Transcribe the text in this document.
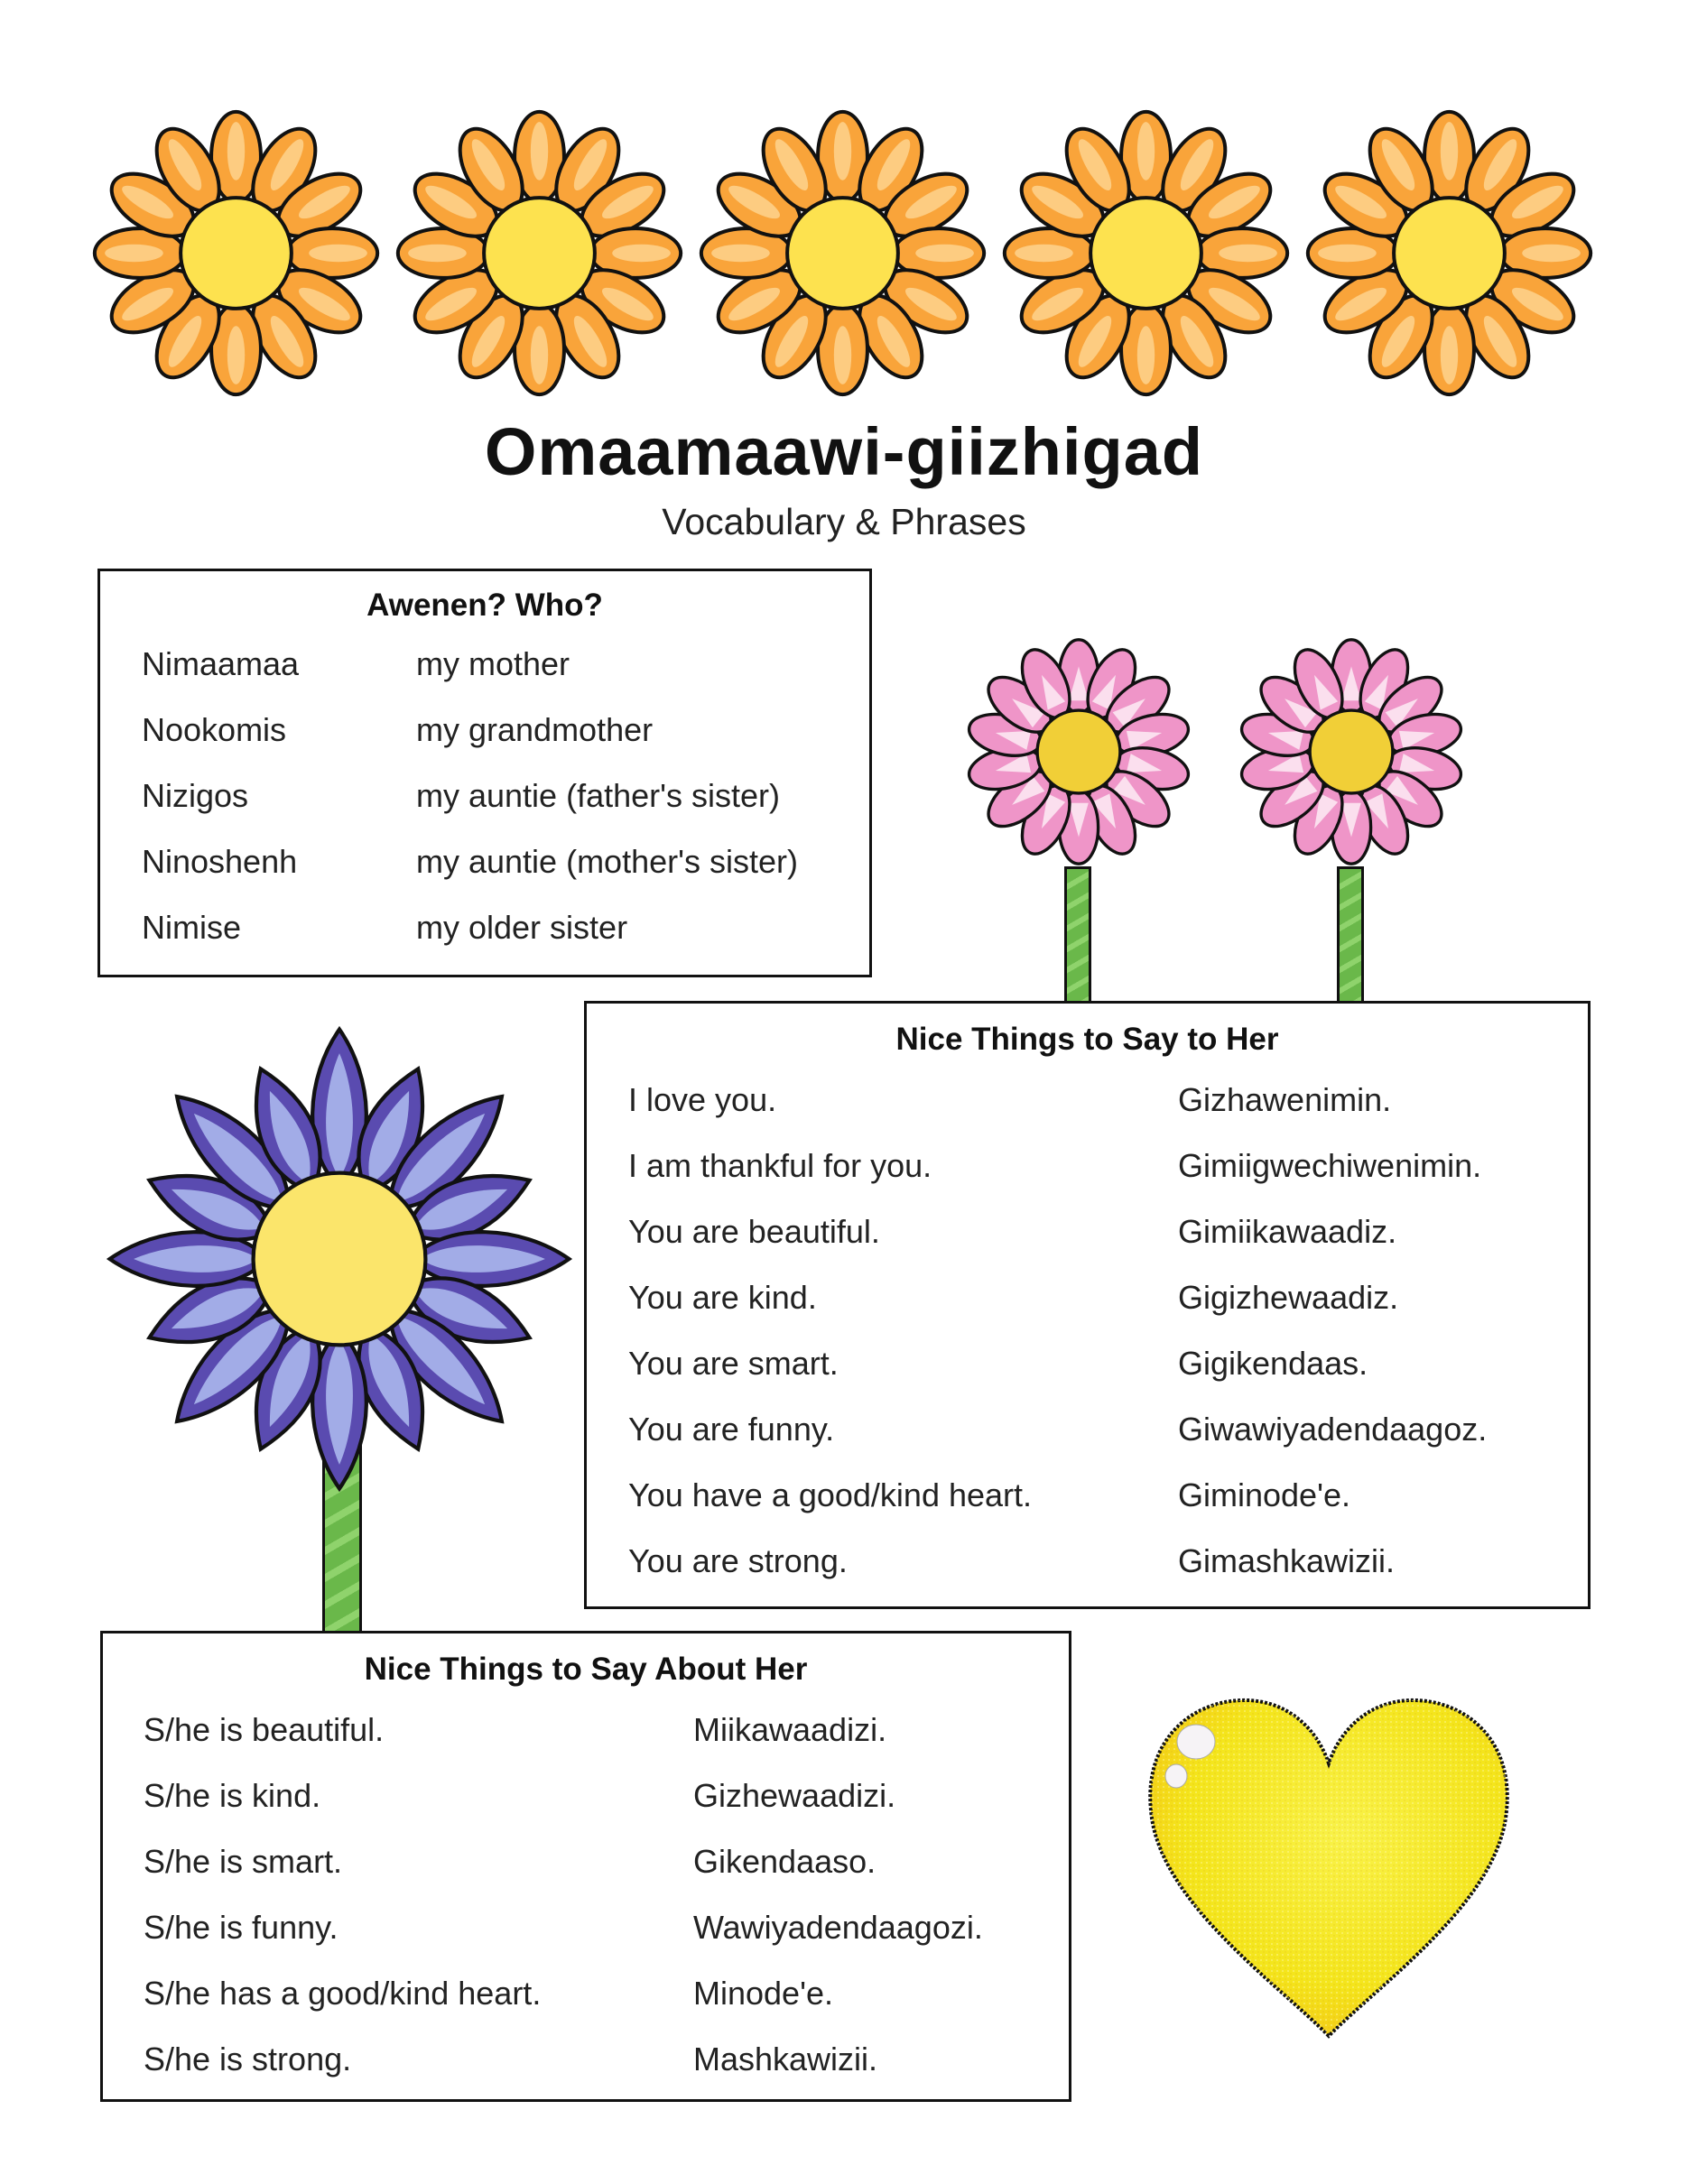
Omaamaawi-giizhigad
Vocabulary & Phrases
Awenen? Who?
Nimaamaa	my mother
Nookomis	my grandmother
Nizigos	my auntie (father's sister)
Ninoshenh	my auntie (mother's sister)
Nimise	my older sister
Nice Things to Say to Her
I love you.	Gizhawenimin.
I am thankful for you.	Gimiigwechiwenimin.
You are beautiful.	Gimiikawaadiz.
You are kind.	Gigizhewaadiz.
You are smart.	Gigikendaas.
You are funny.	Giwawiyadendaagoz.
You have a good/kind heart.	Giminode'e.
You are strong.	Gimashkawizii.
Nice Things to Say About Her
S/he is beautiful.	Miikawaadizi.
S/he is kind.	Gizhewaadizi.
S/he is smart.	Gikendaaso.
S/he is funny.	Wawiyadendaagozi.
S/he has a good/kind heart.	Minode'e.
S/he is strong.	Mashkawizii.
